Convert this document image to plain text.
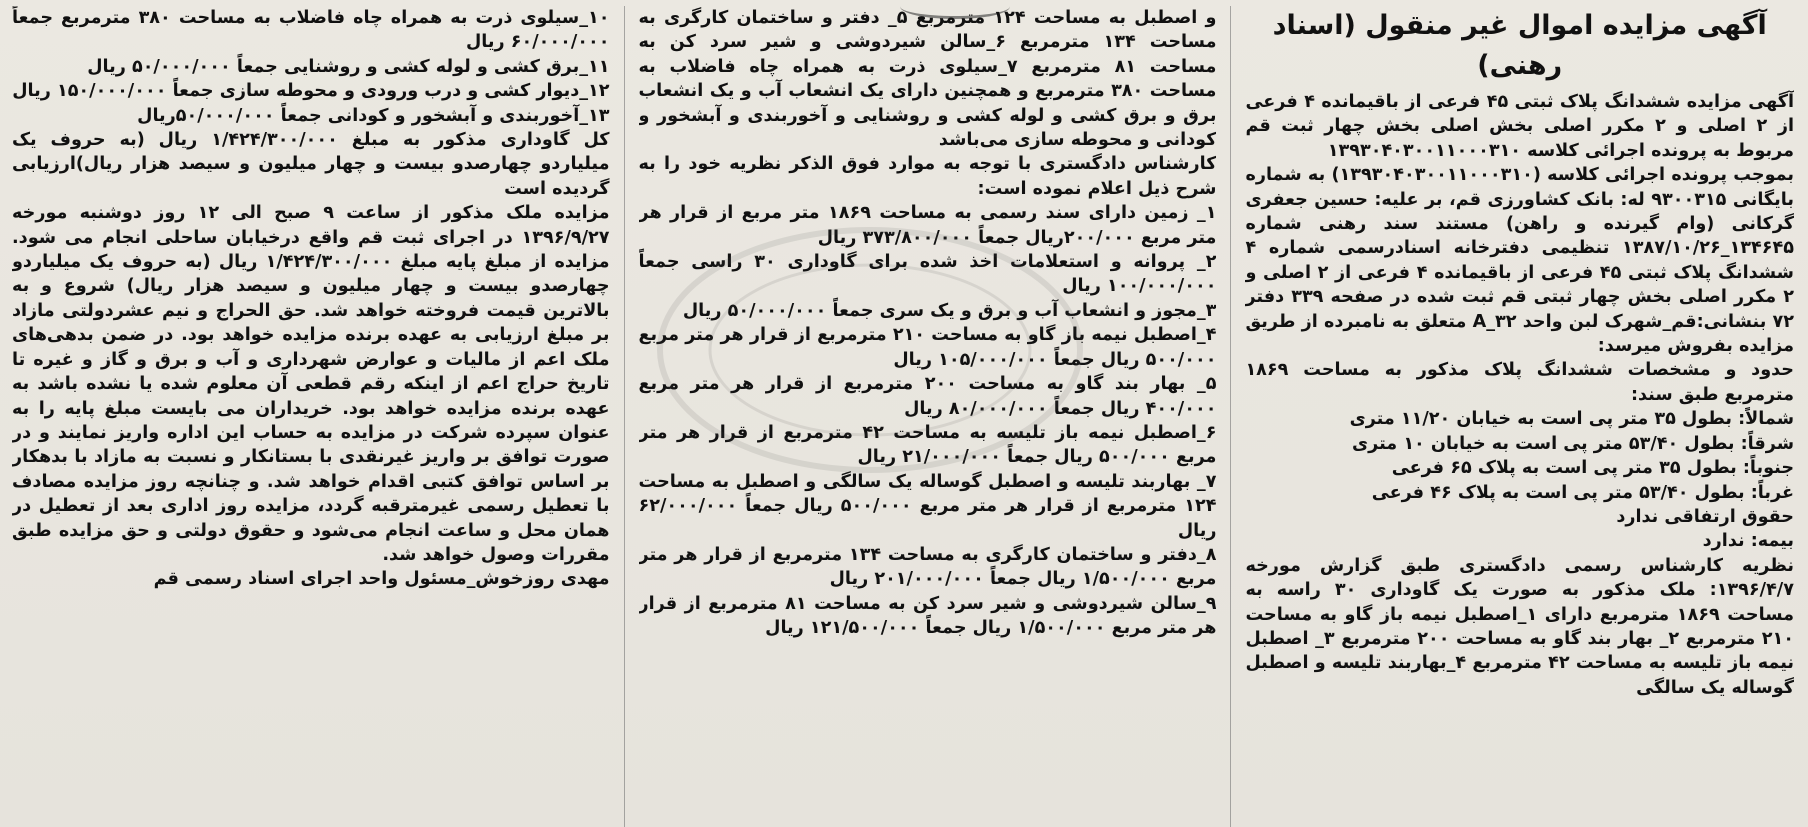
آگهی مزایده اموال غیر منقول (اسناد رهنی)

آگهی مزایده ششدانگ پلاک ثبتی ۴۵ فرعی از باقیمانده ۴ فرعی از ۲ اصلی و ۲ مکرر اصلی بخش اصلی بخش چهار ثبت قم مربوط به پرونده اجرائی کلاسه ۱۳۹۳۰۴۰۳۰۰۱۱۰۰۰۳۱۰

بموجب پرونده اجرائی کلاسه (۱۳۹۳۰۴۰۳۰۰۱۱۰۰۰۳۱۰) به شماره بایگانی ۹۳۰۰۳۱۵ له: بانک کشاورزی قم، بر علیه: حسین جعفری گرکانی (وام گیرنده و راهن) مستند سند رهنی شماره ۱۳۴۶۴۵_۱۳۸۷/۱۰/۲۶ تنظیمی دفترخانه اسنادرسمی شماره ۴ ششدانگ پلاک ثبتی ۴۵ فرعی از باقیمانده ۴ فرعی از ۲ اصلی و ۲ مکرر اصلی بخش چهار ثبتی قم ثبت شده در صفحه ۳۳۹ دفتر ۷۲ بنشانی:قم_شهرک لبن واحد ۳۲_A متعلق به نامبرده از طریق مزایده بفروش میرسد:

حدود و مشخصات ششدانگ پلاک مذکور به مساحت ۱۸۶۹ مترمربع طبق سند:

شمالاً: بطول ۳۵ متر پی است به خیابان ۱۱/۲۰ متری

شرقاً: بطول ۵۳/۴۰ متر پی است به خیابان ۱۰ متری

جنوباً: بطول ۳۵ متر پی است به پلاک ۶۵ فرعی

غرباً: بطول ۵۳/۴۰ متر پی است به پلاک ۴۶ فرعی

حقوق ارتفاقی ندارد

بیمه: ندارد

نظریه کارشناس رسمی دادگستری طبق گزارش مورخه ۱۳۹۶/۴/۷: ملک مذکور به صورت یک گاوداری ۳۰ راسه به مساحت ۱۸۶۹ مترمربع دارای ۱_اصطبل نیمه باز گاو به مساحت ۲۱۰ مترمربع ۲_ بهار بند گاو به مساحت ۲۰۰ مترمربع ۳_ اصطبل نیمه باز تلیسه به مساحت ۴۲ مترمربع ۴_بهاربند تلیسه و اصطبل گوساله یک سالگی

و اصطبل به مساحت ۱۲۴ مترمربع ۵_ دفتر و ساختمان کارگری به مساحت ۱۳۴ مترمربع ۶_سالن شیردوشی و شیر سرد کن به مساحت ۸۱ مترمربع ۷_سیلوی ذرت به همراه چاه فاضلاب به مساحت ۳۸۰ مترمربع و همچنین دارای یک انشعاب آب و یک انشعاب برق و برق کشی و لوله کشی و روشنایی و آخوربندی و آبشخور و کودانی و محوطه سازی می‌باشد

کارشناس دادگستری با توجه به موارد فوق الذکر نظریه خود را به شرح ذیل اعلام نموده است:

۱_ زمین دارای سند رسمی به مساحت ۱۸۶۹ متر مربع از قرار هر متر مربع ۲۰۰/۰۰۰ریال جمعاً ۳۷۳/۸۰۰/۰۰۰ ریال

۲_ پروانه و استعلامات اخذ شده برای گاوداری ۳۰ راسی جمعاً ۱۰۰/۰۰۰/۰۰۰ ریال

۳_مجوز و انشعاب آب و برق و یک سری جمعاً ۵۰/۰۰۰/۰۰۰ ریال

۴_اصطبل نیمه باز گاو به مساحت ۲۱۰ مترمربع از قرار هر متر مربع ۵۰۰/۰۰۰ ریال جمعاً ۱۰۵/۰۰۰/۰۰۰ ریال

۵_ بهار بند گاو به مساحت ۲۰۰ مترمربع از قرار هر متر مربع ۴۰۰/۰۰۰ ریال جمعاً ۸۰/۰۰۰/۰۰۰ ریال

۶_اصطبل نیمه باز تلیسه به مساحت ۴۲ مترمربع از قرار هر متر مربع ۵۰۰/۰۰۰ ریال جمعاً ۲۱/۰۰۰/۰۰۰ ریال

۷_ بهاربند تلیسه و اصطبل گوساله یک سالگی و اصطبل به مساحت ۱۲۴ مترمربع از قرار هر متر مربع ۵۰۰/۰۰۰ ریال جمعاً ۶۲/۰۰۰/۰۰۰ ریال

۸_دفتر و ساختمان کارگری به مساحت ۱۳۴ مترمربع از قرار هر متر مربع ۱/۵۰۰/۰۰۰ ریال جمعاً ۲۰۱/۰۰۰/۰۰۰ ریال

۹_سالن شیردوشی و شیر سرد کن به مساحت ۸۱ مترمربع از قرار هر متر مربع ۱/۵۰۰/۰۰۰ ریال جمعاً ۱۲۱/۵۰۰/۰۰۰ ریال

۱۰_سیلوی ذرت به همراه چاه فاضلاب به مساحت ۳۸۰ مترمربع جمعاً ۶۰/۰۰۰/۰۰۰ ریال

۱۱_برق کشی و لوله کشی و روشنایی جمعاً ۵۰/۰۰۰/۰۰۰ ریال

۱۲_دیوار کشی و درب ورودی و محوطه سازی جمعاً ۱۵۰/۰۰۰/۰۰۰ ریال

۱۳_آخوربندی و آبشخور و کودانی جمعاً ۵۰/۰۰۰/۰۰۰ریال

کل گاوداری مذکور به مبلغ ۱/۴۲۴/۳۰۰/۰۰۰ ریال (به حروف یک میلیاردو چهارصدو بیست و چهار میلیون و سیصد هزار ریال)ارزیابی گردیده است

مزایده ملک مذکور از ساعت ۹ صبح الی ۱۲ روز دوشنبه مورخه ۱۳۹۶/۹/۲۷ در اجرای ثبت قم واقع درخیابان ساحلی انجام می شود. مزایده از مبلغ پایه مبلغ ۱/۴۲۴/۳۰۰/۰۰۰ ریال (به حروف یک میلیاردو چهارصدو بیست و چهار میلیون و سیصد هزار ریال) شروع و به بالاترین قیمت فروخته خواهد شد. حق الحراج و نیم عشردولتی مازاد بر مبلغ ارزیابی به عهده برنده مزایده خواهد بود. در ضمن بدهی‌های ملک اعم از مالیات و عوارض شهرداری و آب و برق و گاز و غیره تا تاریخ حراج اعم از اینکه رقم قطعی آن معلوم شده یا نشده باشد به عهده برنده مزایده خواهد بود. خریداران می بایست مبلغ پایه را به عنوان سپرده شرکت در مزایده به حساب این اداره واریز نمایند و در صورت توافق بر واریز غیرنقدی با بستانکار و نسبت به مازاد با بدهکار بر اساس توافق کتبی اقدام خواهد شد. و چنانچه روز مزایده مصادف با تعطیل رسمی غیرمترقبه گردد، مزایده روز اداری بعد از تعطیل در همان محل و ساعت انجام می‌شود و حقوق دولتی و حق مزایده طبق مقررات وصول خواهد شد.

مهدی روزخوش_مسئول واحد اجرای اسناد رسمی قم
